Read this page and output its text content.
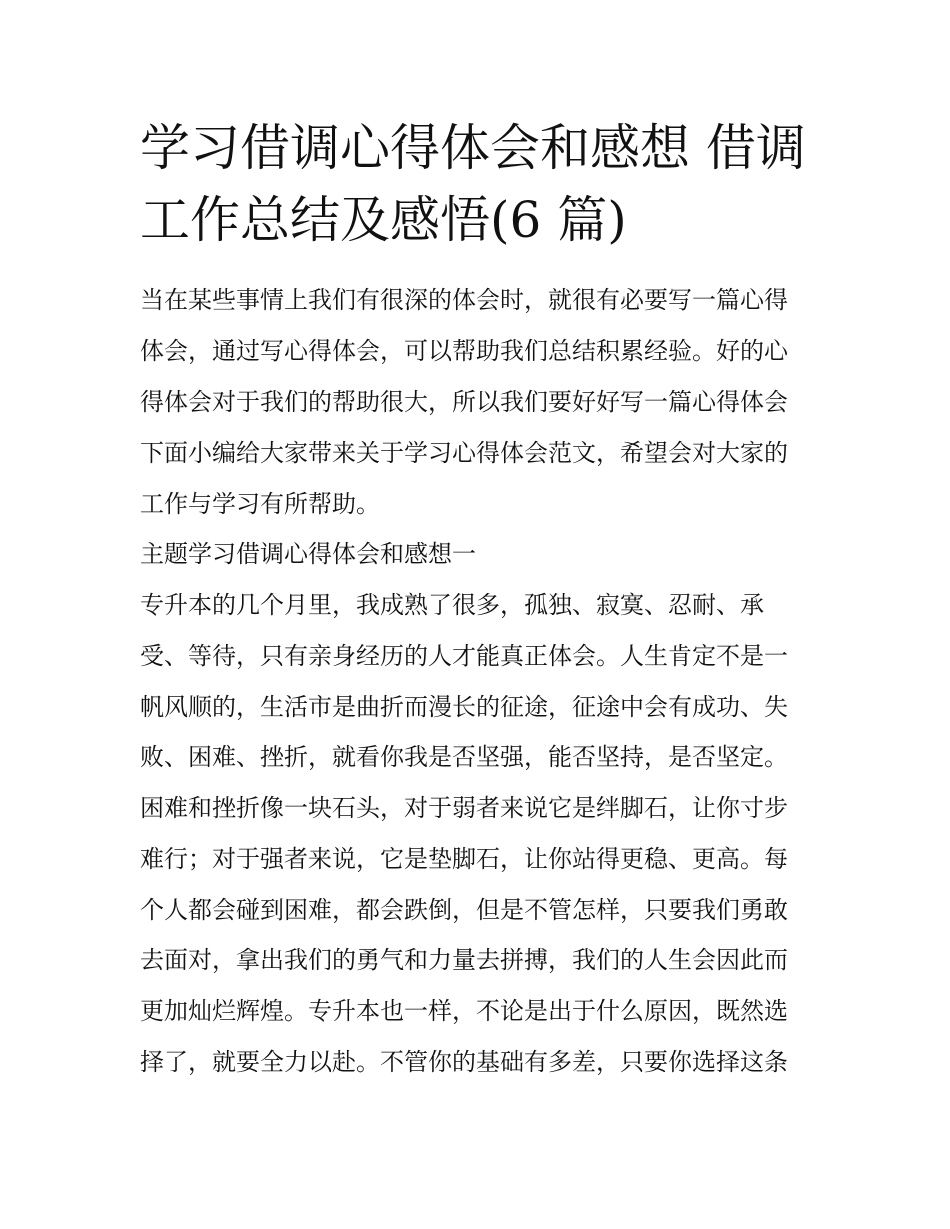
学习借调心得体会和感想 借调
工作总结及感悟(6 篇)

当在某些事情上我们有很深的体会时，就很有必要写一篇心得

体会，通过写心得体会，可以帮助我们总结积累经验。好的心

得体会对于我们的帮助很大，所以我们要好好写一篇心得体会

下面小编给大家带来关于学习心得体会范文，希望会对大家的

工作与学习有所帮助。

主题学习借调心得体会和感想一

专升本的几个月里，我成熟了很多，孤独、寂寞、忍耐、承

受、等待，只有亲身经历的人才能真正体会。人生肯定不是一

帆风顺的，生活市是曲折而漫长的征途，征途中会有成功、失

败、困难、挫折，就看你我是否坚强，能否坚持，是否坚定。

困难和挫折像一块石头，对于弱者来说它是绊脚石，让你寸步

难行；对于强者来说，它是垫脚石，让你站得更稳、更高。每

个人都会碰到困难，都会跌倒，但是不管怎样，只要我们勇敢

去面对，拿出我们的勇气和力量去拼搏，我们的人生会因此而

更加灿烂辉煌。专升本也一样，不论是出于什么原因，既然选

择了，就要全力以赴。不管你的基础有多差，只要你选择这条
